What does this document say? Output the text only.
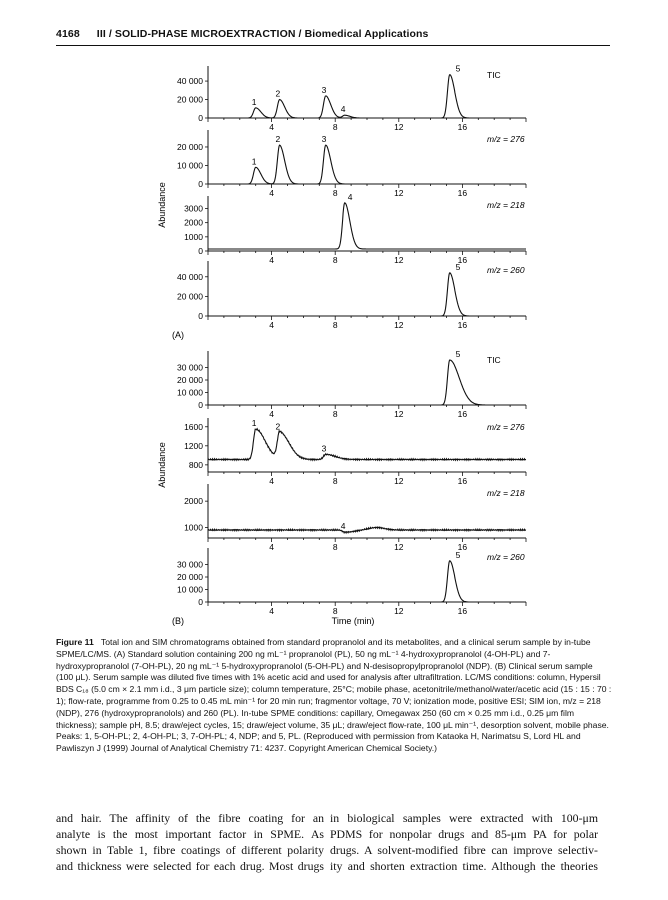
4168 III / SOLID-PHASE MICROEXTRACTION / Biomedical Applications
4	8	12	16
40 000
20 000
0
1
2	3
4
5
TIC
4	8	12	16
20 000
10 000
0
1
2	3	m/z = 276
4	8	12	16
3000
2000
1000
0
4
m/z = 218
4	8	12	16
40 000
20 000
0
5	m/z = 260
4	8	12	16
30 000
20 000
10 000
0
5
TIC
4	8	12	16
1600
1200
800
1 2
3
m/z = 276
4	8	12	16
2000
1000	4
m/z = 218
4	8	12	16
30 000
20 000
10 000
0
5	m/z = 260
(A)
(B)
Abundance
Abundance
Time (min)
Figure 11 Total ion and SIM chromatograms obtained from standard propranolol and its metabolites, and a clinical serum sample by in-tube SPME/LC/MS. (A) Standard solution containing 200 ng mL⁻¹ propranolol (PL), 50 ng mL⁻¹ 4-hydroxypropranolol (4-OH-PL) and 7-hydroxypropranolol (7-OH-PL), 20 ng mL⁻¹ 5-hydroxypropranolol (5-OH-PL) and N-desisopropylpropranolol (NDP). (B) Clinical serum sample (100 μL). Serum sample was diluted five times with 1% acetic acid and used for analysis after ultrafiltration. LC/MS conditions: column, Hypersil BDS C₁₈ (5.0 cm × 2.1 mm i.d., 3 μm particle size); column temperature, 25°C; mobile phase, acetonitrile/methanol/water/acetic acid (15 : 15 : 70 : 1); flow-rate, programme from 0.25 to 0.45 mL min⁻¹ for 20 min run; fragmentor voltage, 70 V; ionization mode, positive ESI; SIM ion, m/z = 218 (NDP), 276 (hydroxypropranolols) and 260 (PL). In-tube SPME conditions: capillary, Omegawax 250 (60 cm × 0.25 mm i.d., 0.25 μm film thickness); sample pH, 8.5; draw/eject cycles, 15; draw/eject volume, 35 μL; draw/eject flow-rate, 100 μL min⁻¹, desorption solvent, mobile phase. Peaks: 1, 5-OH-PL; 2, 4-OH-PL; 3, 7-OH-PL; 4, NDP; and 5, PL. (Reproduced with permission from Kataoka H, Narimatsu S, Lord HL and Pawliszyn J (1999) Journal of Analytical Chemistry 71: 4237. Copyright American Chemical Society.)
and hair. The affinity of the fibre coating for an
analyte is the most important factor in SPME. As
shown in Table 1, fibre coatings of different polarity
and thickness were selected for each drug. Most drugs
in biological samples were extracted with 100-μm
PDMS for nonpolar drugs and 85-μm PA for polar
drugs. A solvent-modified fibre can improve selectiv-
ity and shorten extraction time. Although the theories
